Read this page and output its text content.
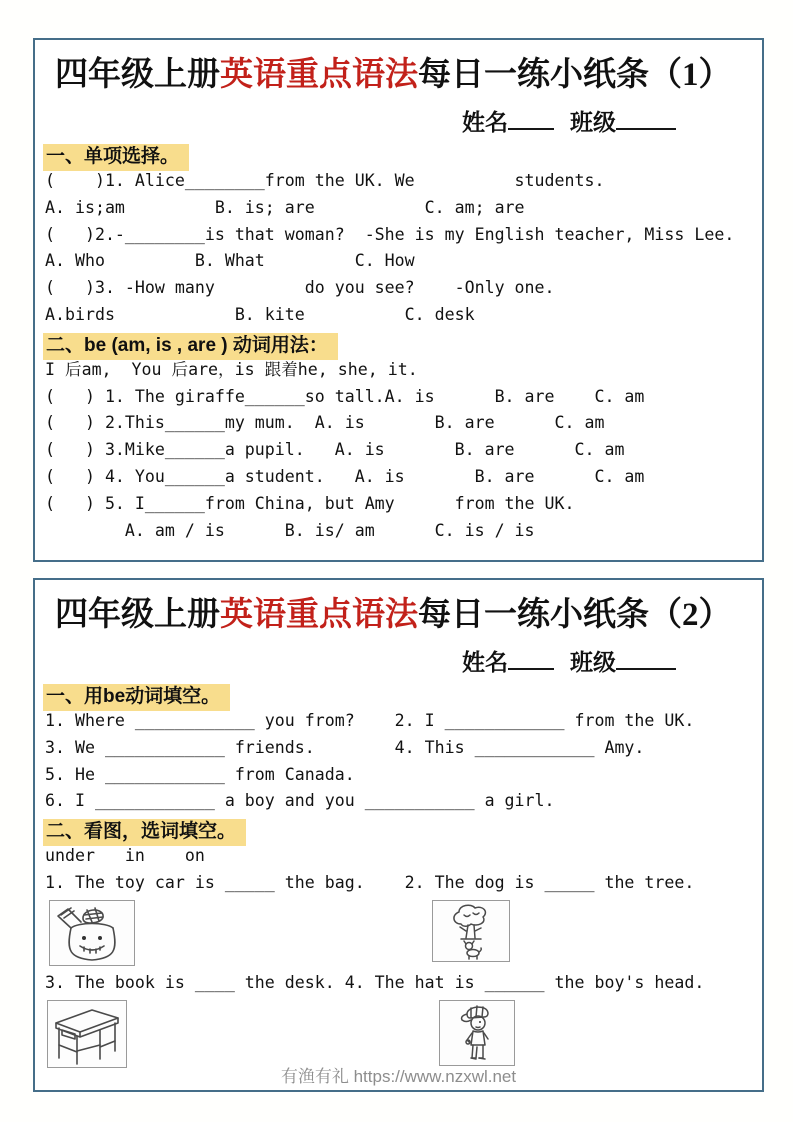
四年级上册英语重点语法每日一练小纸条（1）
姓名	班级
一、单项选择。
(    )1. Alice________from the UK. We          students.
A. is;am         B. is; are           C. am; are
(   )2.-________is that woman?  -She is my English teacher, Miss Lee.
A. Who         B. What         C. How
(   )3. -How many         do you see?    -Only one.
A.birds            B. kite          C. desk
二、be (am, is , are ) 动词用法：
I 后am,  You 后are，is 跟着he, she, it.
(   ) 1. The giraffe______so tall.A. is      B. are    C. am
(   ) 2.This______my mum.  A. is       B. are      C. am
(   ) 3.Mike______a pupil.   A. is       B. are      C. am
(   ) 4. You______a student.   A. is       B. are      C. am
(   ) 5. I______from China, but Amy      from the UK.
A. am / is      B. is/ am      C. is / is
四年级上册英语重点语法每日一练小纸条（2）
姓名	班级
一、用be动词填空。
1. Where ____________ you from?    2. I ____________ from the UK.
3. We ____________ friends.        4. This ____________ Amy.
5. He ____________ from Canada.
6. I ____________ a boy and you ___________ a girl.
二、看图，选词填空。
under   in    on
1. The toy car is _____ the bag.    2. The dog is _____ the tree.
3. The book is ____ the desk. 4. The hat is ______ the boy's head.
有渔有礼 https://www.nzxwl.net
